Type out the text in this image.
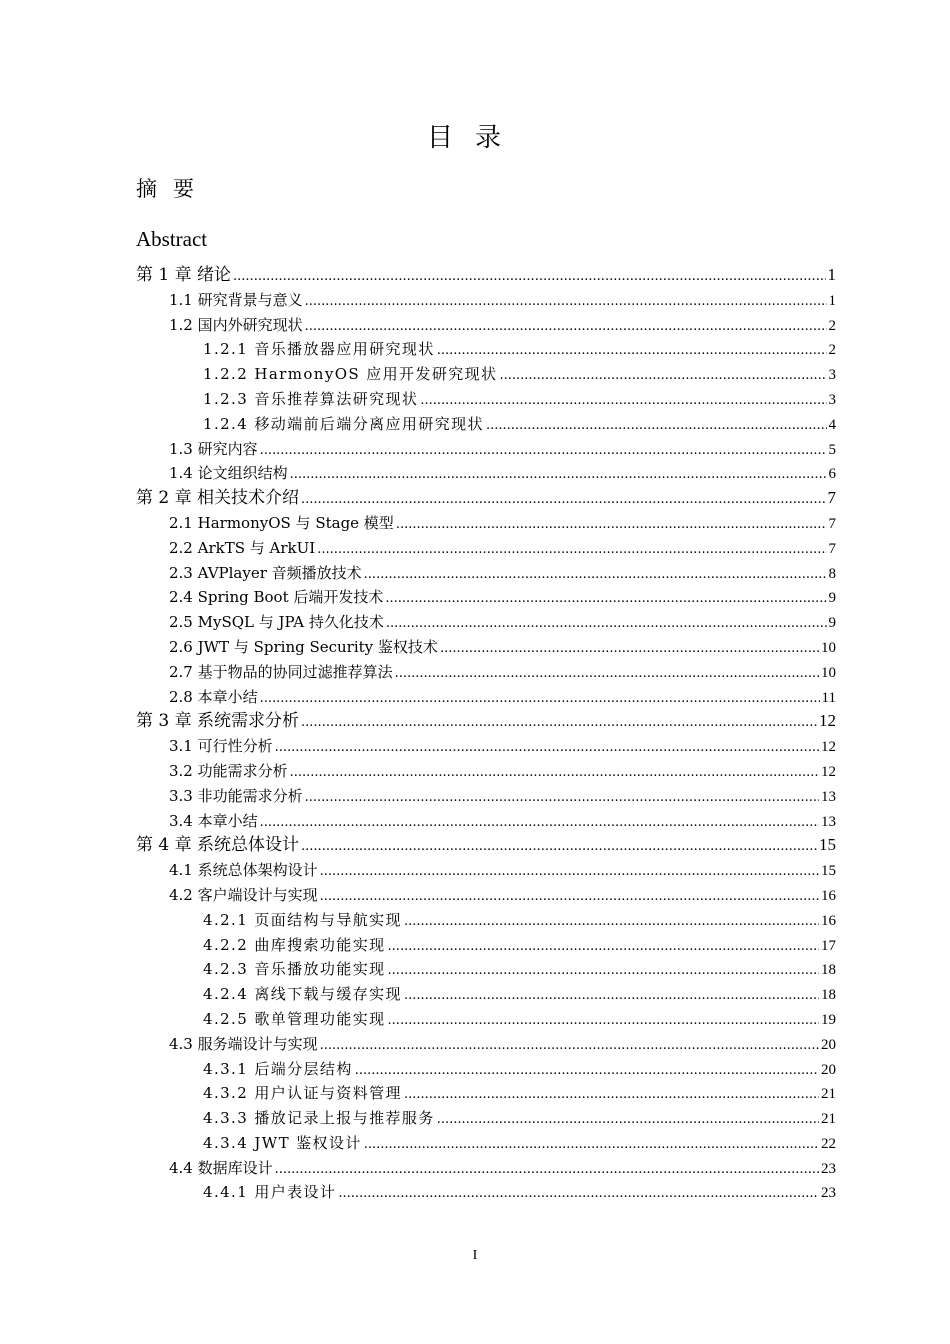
目录
摘要
Abstract
第 1 章 绪论 .....	1
1.1 研究背景与意义 .....	1
1.2 国内外研究现状 .....	2
1.2.1 音乐播放器应用研究现状 .....	2
1.2.2 HarmonyOS 应用开发研究现状 .....	3
1.2.3 音乐推荐算法研究现状 .....	3
1.2.4 移动端前后端分离应用研究现状 .....	4
1.3 研究内容 .....	5
1.4 论文组织结构 .....	6
第 2 章 相关技术介绍 .....	7
2.1 HarmonyOS 与 Stage 模型 .....	7
2.2 ArkTS 与 ArkUI .....	7
2.3 AVPlayer 音频播放技术 .....	8
2.4 Spring Boot 后端开发技术 .....	9
2.5 MySQL 与 JPA 持久化技术 .....	9
2.6 JWT 与 Spring Security 鉴权技术 .....	10
2.7 基于物品的协同过滤推荐算法 .....	10
2.8 本章小结 .....	11
第 3 章 系统需求分析 .....	12
3.1 可行性分析 .....	12
3.2 功能需求分析 .....	12
3.3 非功能需求分析 .....	13
3.4 本章小结 .....	13
第 4 章 系统总体设计 .....	15
4.1 系统总体架构设计 .....	15
4.2 客户端设计与实现 .....	16
4.2.1 页面结构与导航实现 .....	16
4.2.2 曲库搜索功能实现 .....	17
4.2.3 音乐播放功能实现 .....	18
4.2.4 离线下载与缓存实现 .....	18
4.2.5 歌单管理功能实现 .....	19
4.3 服务端设计与实现 .....	20
4.3.1 后端分层结构 .....	20
4.3.2 用户认证与资料管理 .....	21
4.3.3 播放记录上报与推荐服务 .....	21
4.3.4 JWT 鉴权设计 .....	22
4.4 数据库设计 .....	23
4.4.1 用户表设计 .....	23
I
